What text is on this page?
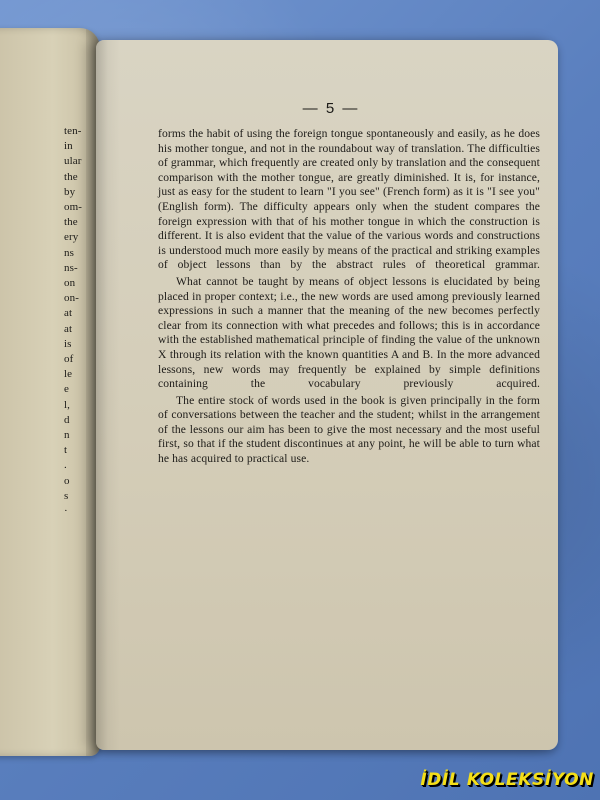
ten-
in
ular
the
by
om-
the
ery
ns
ns-
on
on-
at
at
is
of
le
e
l,
d
n
t
.
o
s
·
— 5 —

forms the habit of using the foreign tongue spontaneously and easily, as he does his mother tongue, and not in the roundabout way of translation. The difficulties of grammar, which frequently are created only by translation and the consequent comparison with the mother tongue, are greatly diminished. It is, for instance, just as easy for the student to learn "I you see" (French form) as it is "I see you" (English form). The difficulty appears only when the student compares the foreign expression with that of his mother tongue in which the construction is different. It is also evident that the value of the various words and constructions is understood much more easily by means of the practical and striking examples of object lessons than by the abstract rules of theoretical grammar.

What cannot be taught by means of object lessons is elucidated by being placed in proper context; i.e., the new words are used among previously learned expressions in such a manner that the meaning of the new becomes perfectly clear from its connection with what precedes and follows; this is in accordance with the established mathematical principle of finding the value of the unknown X through its relation with the known quantities A and B. In the more advanced lessons, new words may frequently be explained by simple definitions containing the vocabulary previously acquired.

The entire stock of words used in the book is given principally in the form of conversations between the teacher and the student; whilst in the arrangement of the lessons our aim has been to give the most necessary and the most useful first, so that if the student discontinues at any point, he will be able to turn what he has acquired to practical use.

İDİL KOLEKSİYON
